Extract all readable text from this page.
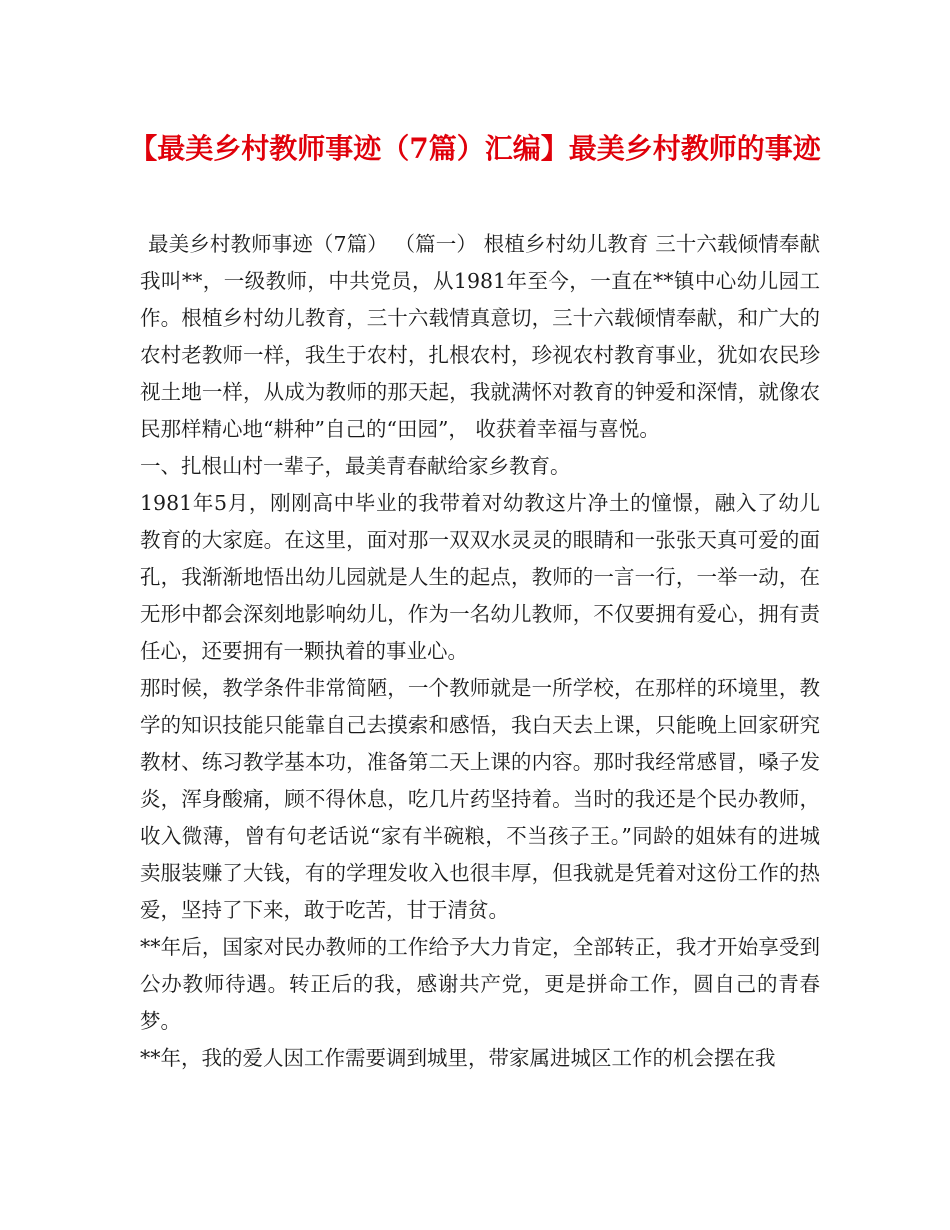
【最美乡村教师事迹（7篇）汇编】最美乡村教师的事迹

最美乡村教师事迹（7篇） （篇一） 根植乡村幼儿教育 三十六载倾情奉献 我叫**，一级教师，中共党员，从1981年至今，一直在**镇中心幼儿园工作。根植乡村幼儿教育，三十六载情真意切，三十六载倾情奉献，和广大的农村老教师一样，我生于农村，扎根农村，珍视农村教育事业，犹如农民珍视土地一样，从成为教师的那天起，我就满怀对教育的钟爱和深情，就像农民那样精心地“耕种”自己的“田园”， 收获着幸福与喜悦。

一、扎根山村一辈子，最美青春献给家乡教育。

1981年5月，刚刚高中毕业的我带着对幼教这片净土的憧憬，融入了幼儿教育的大家庭。在这里，面对那一双双水灵灵的眼睛和一张张天真可爱的面孔，我渐渐地悟出幼儿园就是人生的起点，教师的一言一行，一举一动，在无形中都会深刻地影响幼儿，作为一名幼儿教师，不仅要拥有爱心，拥有责任心，还要拥有一颗执着的事业心。

那时候，教学条件非常简陋，一个教师就是一所学校，在那样的环境里，教学的知识技能只能靠自己去摸索和感悟，我白天去上课，只能晚上回家研究教材、练习教学基本功，准备第二天上课的内容。那时我经常感冒，嗓子发炎，浑身酸痛，顾不得休息，吃几片药坚持着。当时的我还是个民办教师，收入微薄，曾有句老话说“家有半碗粮，不当孩子王。”同龄的姐妹有的进城卖服装赚了大钱，有的学理发收入也很丰厚，但我就是凭着对这份工作的热爱，坚持了下来，敢于吃苦，甘于清贫。

**年后，国家对民办教师的工作给予大力肯定，全部转正，我才开始享受到公办教师待遇。转正后的我，感谢共产党，更是拼命工作，圆自己的青春梦。

**年，我的爱人因工作需要调到城里，带家属进城区工作的机会摆在我
